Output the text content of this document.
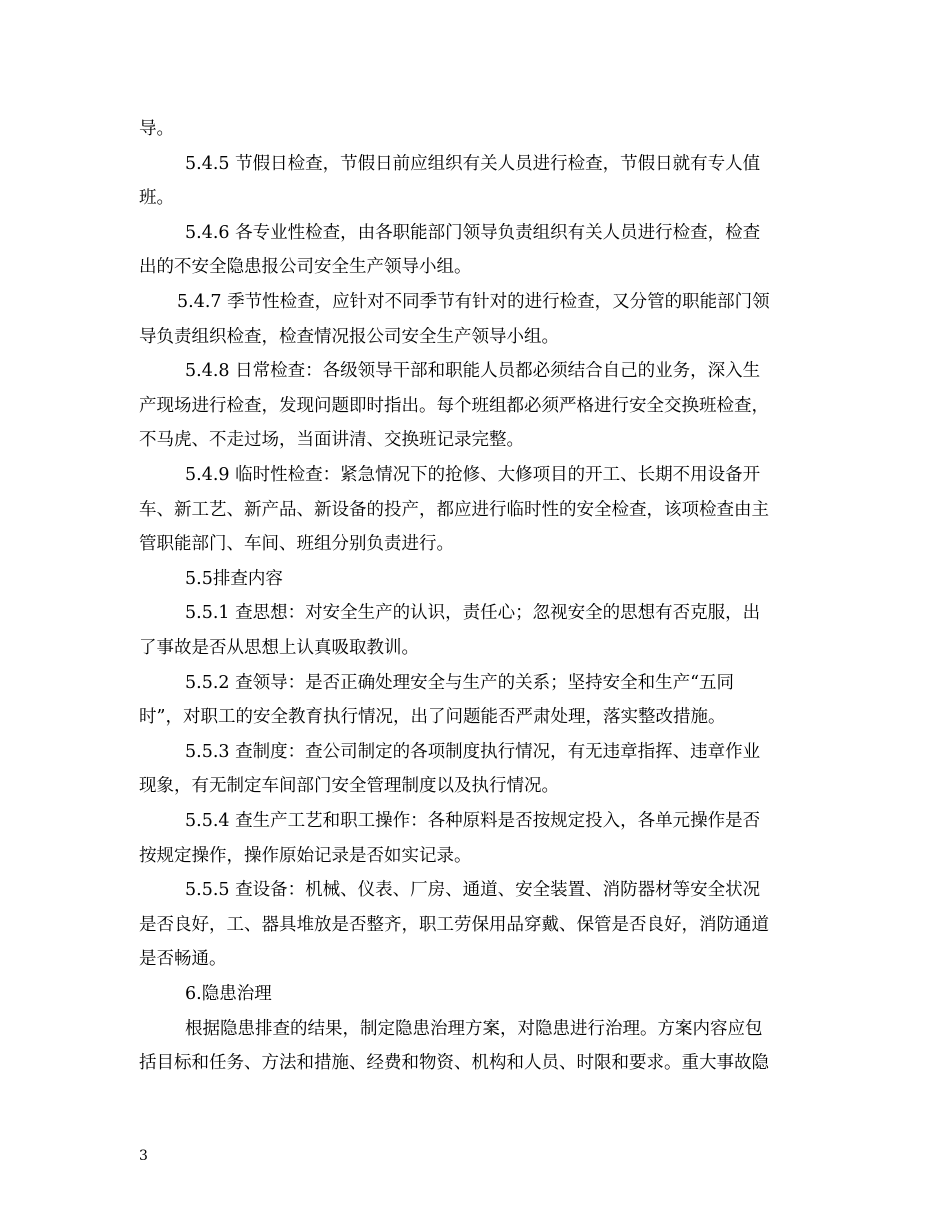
导。
5.4.5 节假日检查，节假日前应组织有关人员进行检查，节假日就有专人值
班。
5.4.6 各专业性检查，由各职能部门领导负责组织有关人员进行检查，检查
出的不安全隐患报公司安全生产领导小组。
5.4.7 季节性检查，应针对不同季节有针对的进行检查，又分管的职能部门领
导负责组织检查，检查情况报公司安全生产领导小组。
5.4.8 日常检查：各级领导干部和职能人员都必须结合自己的业务，深入生
产现场进行检查，发现问题即时指出。每个班组都必须严格进行安全交换班检查，
不马虎、不走过场，当面讲清、交换班记录完整。
5.4.9 临时性检查：紧急情况下的抢修、大修项目的开工、长期不用设备开
车、新工艺、新产品、新设备的投产，都应进行临时性的安全检查，该项检查由主
管职能部门、车间、班组分别负责进行。
5.5排查内容
5.5.1 查思想：对安全生产的认识，责任心；忽视安全的思想有否克服，出
了事故是否从思想上认真吸取教训。
5.5.2 查领导：是否正确处理安全与生产的关系；坚持安全和生产“五同
时”，对职工的安全教育执行情况，出了问题能否严肃处理，落实整改措施。
5.5.3 查制度：查公司制定的各项制度执行情况，有无违章指挥、违章作业
现象，有无制定车间部门安全管理制度以及执行情况。
5.5.4 查生产工艺和职工操作：各种原料是否按规定投入，各单元操作是否
按规定操作，操作原始记录是否如实记录。
5.5.5 查设备：机械、仪表、厂房、通道、安全装置、消防器材等安全状况
是否良好，工、器具堆放是否整齐，职工劳保用品穿戴、保管是否良好，消防通道
是否畅通。
6.隐患治理
根据隐患排查的结果，制定隐患治理方案，对隐患进行治理。方案内容应包
括目标和任务、方法和措施、经费和物资、机构和人员、时限和要求。重大事故隐
3
